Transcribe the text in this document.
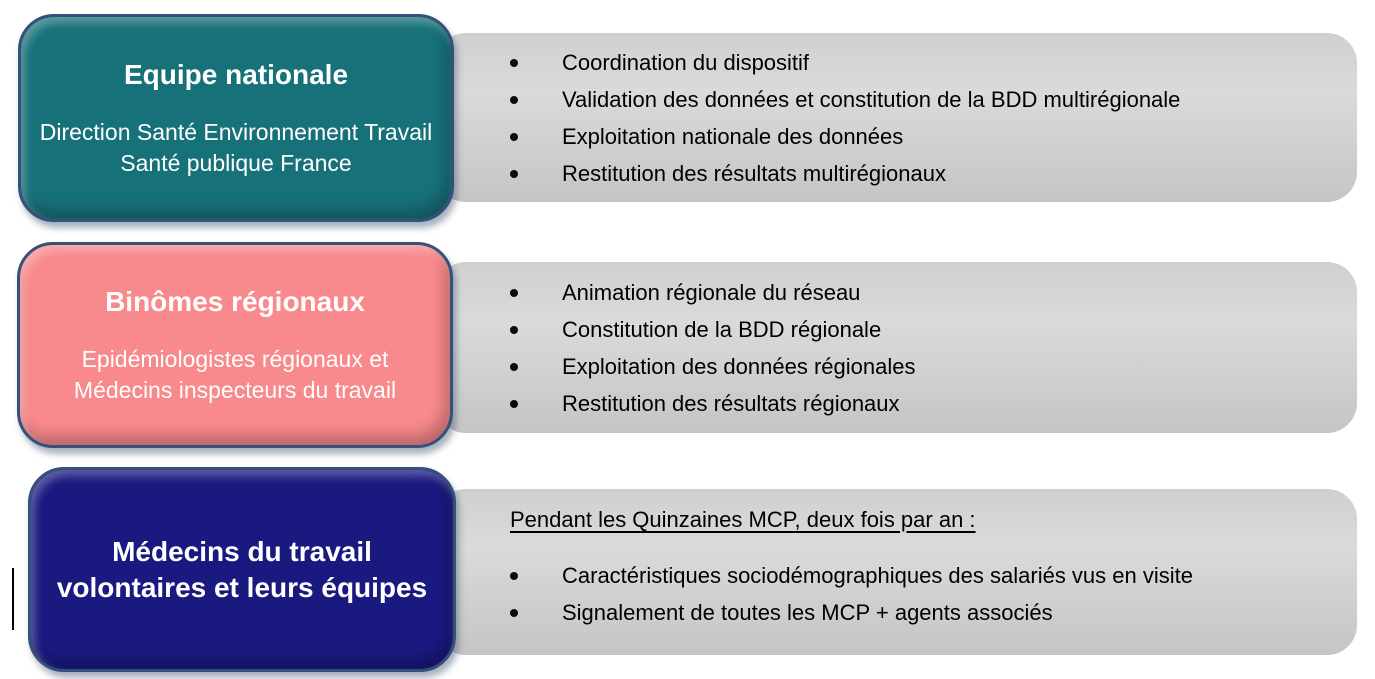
Coordination du dispositif
Validation des données et constitution de la BDD multirégionale
Exploitation nationale des données
Restitution des résultats multirégionaux
Equipe nationale
Direction Santé Environnement Travail
Santé publique France
Animation régionale du réseau
Constitution de la BDD régionale
Exploitation des données régionales
Restitution des résultats régionaux
Binômes régionaux
Epidémiologistes régionaux et
Médecins inspecteurs du travail
Pendant les Quinzaines MCP, deux fois par an :
Caractéristiques sociodémographiques des salariés vus en visite
Signalement de toutes les MCP + agents associés
Médecins du travail
volontaires et leurs équipes
